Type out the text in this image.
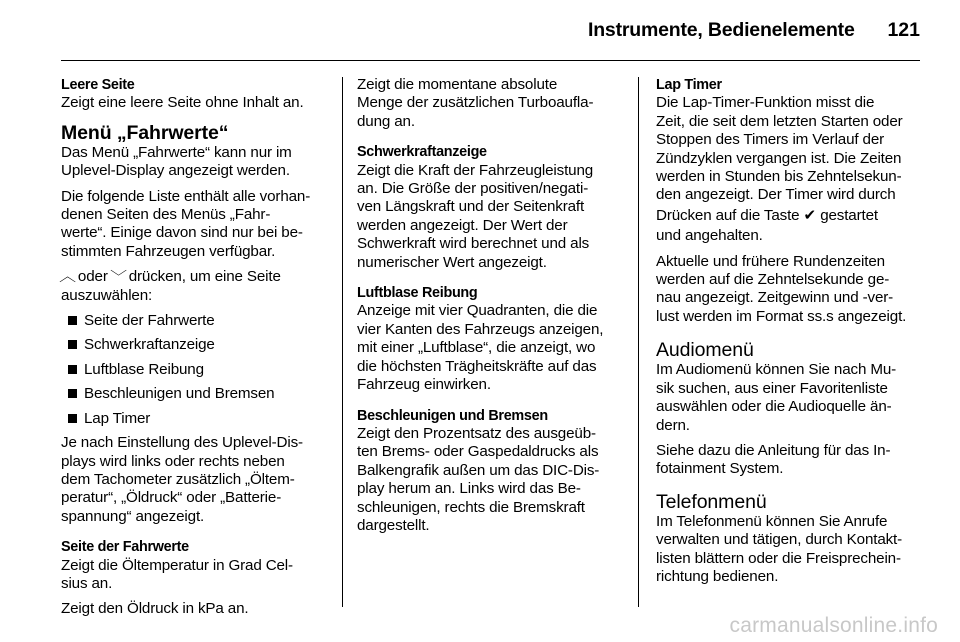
Instrumente, Bedienelemente 121

Leere Seite

Zeigt eine leere Seite ohne Inhalt an.

Menü „Fahrwerte“

Das Menü „Fahrwerte“ kann nur im
Uplevel-Display angezeigt werden.
Die folgende Liste enthält alle vorhan‐
denen Seiten des Menüs „Fahr‐
werte“. Einige davon sind nur bei be‐
stimmten Fahrzeugen verfügbar.
︿ oder ﹀ drücken, um eine Seite
auszuwählen:
Seite der Fahrwerte
Schwerkraftanzeige
Luftblase Reibung
Beschleunigen und Bremsen
Lap Timer
Je nach Einstellung des Uplevel-Dis‐
plays wird links oder rechts neben
dem Tachometer zusätzlich „Öltem‐
peratur“, „Öldruck“ oder „Batterie‐
spannung“ angezeigt.

Seite der Fahrwerte

Zeigt die Öltemperatur in Grad Cel‐
sius an.
Zeigt den Öldruck in kPa an.
Zeigt die momentane absolute
Menge der zusätzlichen Turboaufla‐
dung an.

Schwerkraftanzeige

Zeigt die Kraft der Fahrzeugleistung
an. Die Größe der positiven/negati‐
ven Längskraft und der Seitenkraft
werden angezeigt. Der Wert der
Schwerkraft wird berechnet und als
numerischer Wert angezeigt.

Luftblase Reibung

Anzeige mit vier Quadranten, die die
vier Kanten des Fahrzeugs anzeigen,
mit einer „Luftblase“, die anzeigt, wo
die höchsten Trägheitskräfte auf das
Fahrzeug einwirken.

Beschleunigen und Bremsen

Zeigt den Prozentsatz des ausgeüb‐
ten Brems- oder Gaspedaldrucks als
Balkengrafik außen um das DIC-Dis‐
play herum an. Links wird das Be‐
schleunigen, rechts die Bremskraft
dargestellt.

Lap Timer

Die Lap-Timer-Funktion misst die
Zeit, die seit dem letzten Starten oder
Stoppen des Timers im Verlauf der
Zündzyklen vergangen ist. Die Zeiten
werden in Stunden bis Zehntelsekun‐
den angezeigt. Der Timer wird durch
Drücken auf die Taste ✔ gestartet
und angehalten.
Aktuelle und frühere Rundenzeiten
werden auf die Zehntelsekunde ge‐
nau angezeigt. Zeitgewinn und -ver‐
lust werden im Format ss.s angezeigt.

Audiomenü

Im Audiomenü können Sie nach Mu‐
sik suchen, aus einer Favoritenliste
auswählen oder die Audioquelle än‐
dern.
Siehe dazu die Anleitung für das In‐
fotainment System.

Telefonmenü

Im Telefonmenü können Sie Anrufe
verwalten und tätigen, durch Kontakt‐
listen blättern oder die Freisprechein‐
richtung bedienen.
carmanualsonline.info
